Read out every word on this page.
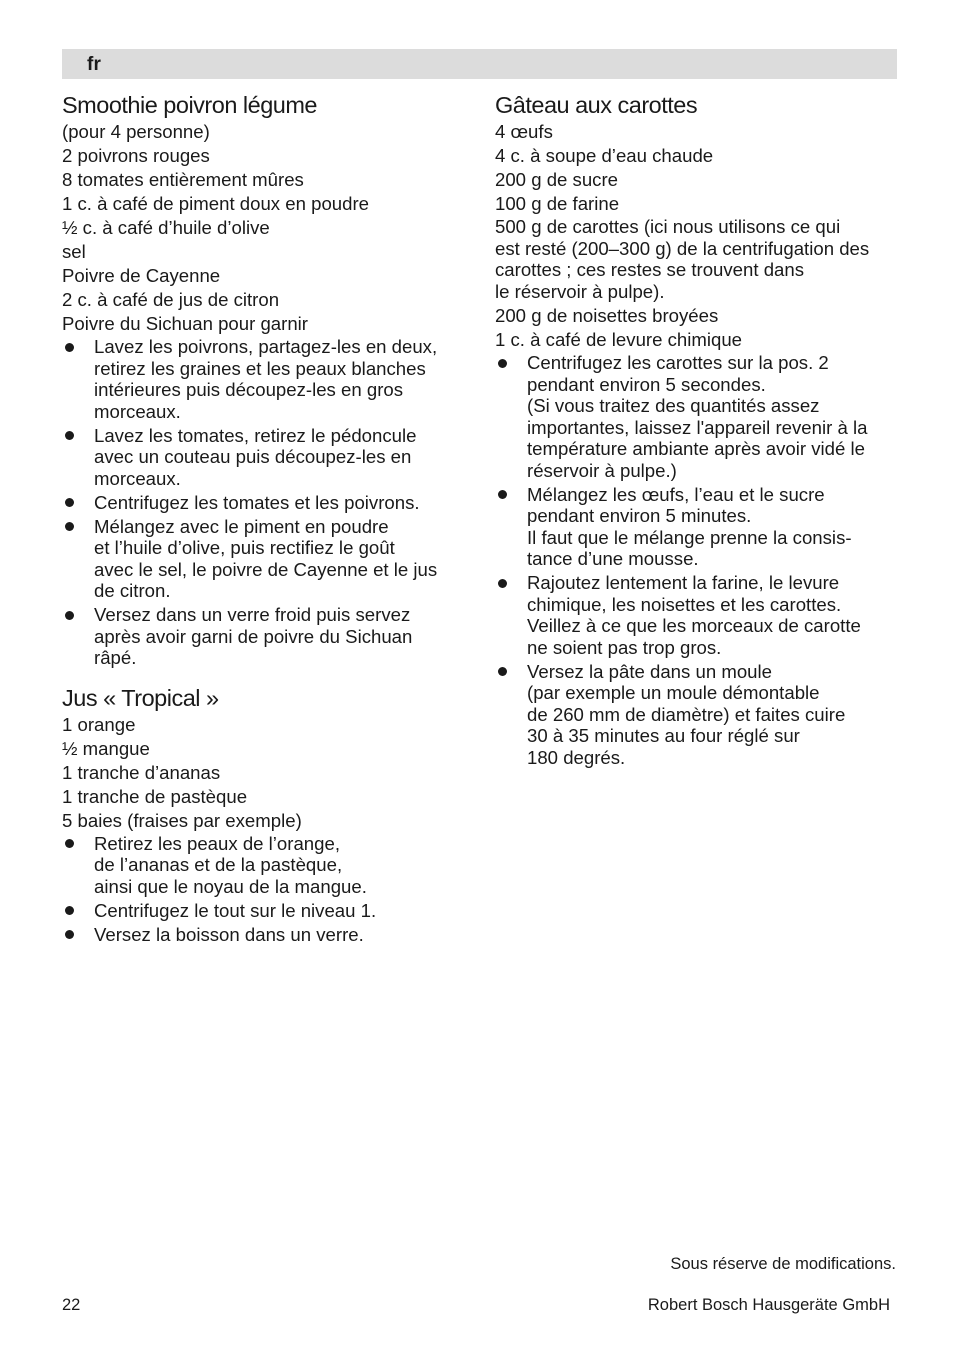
fr
Smoothie poivron légume
(pour 4 personne)
2 poivrons rouges
8 tomates entièrement mûres
1 c. à café de piment doux en poudre
½ c. à café d’huile d’olive
sel
Poivre de Cayenne
2 c. à café de jus de citron
Poivre du Sichuan pour garnir
Lavez les poivrons, partagez-les en deux,
retirez les graines et les peaux blanches
intérieures puis découpez-les en gros
morceaux.
Lavez les tomates, retirez le pédoncule
avec un couteau puis découpez-les en
morceaux.
Centrifugez les tomates et les poivrons.
Mélangez avec le piment en poudre
et l’huile d’olive, puis rectifiez le goût
avec le sel, le poivre de Cayenne et le jus
de citron.
Versez dans un verre froid puis servez
après avoir garni de poivre du Sichuan
râpé.
Jus « Tropical »
1 orange
½ mangue
1 tranche d’ananas
1 tranche de pastèque
5 baies (fraises par exemple)
Retirez les peaux de l’orange,
de l’ananas et de la pastèque,
ainsi que le noyau de la mangue.
Centrifugez le tout sur le niveau 1.
Versez la boisson dans un verre.
Gâteau aux carottes
4 œufs
4 c. à soupe d’eau chaude
200 g de sucre
100 g de farine
500 g de carottes (ici nous utilisons ce qui
est resté (200–300 g) de la centrifugation des
carottes ; ces restes se trouvent dans
le réservoir à pulpe).
200 g de noisettes broyées
1 c. à café de levure chimique
Centrifugez les carottes sur la pos. 2
pendant environ 5 secondes.
(Si vous traitez des quantités assez
importantes, laissez l'appareil revenir à la
température ambiante après avoir vidé le
réservoir à pulpe.)
Mélangez les œufs, l’eau et le sucre
pendant environ 5 minutes.
Il faut que le mélange prenne la consis-
tance d’une mousse.
Rajoutez lentement la farine, le levure
chimique, les noisettes et les carottes.
Veillez à ce que les morceaux de carotte
ne soient pas trop gros.
Versez la pâte dans un moule
(par exemple un moule démontable
de 260 mm de diamètre) et faites cuire
30 à 35 minutes au four réglé sur
180 degrés.
Sous réserve de modifications.
22	Robert Bosch Hausgeräte GmbH
